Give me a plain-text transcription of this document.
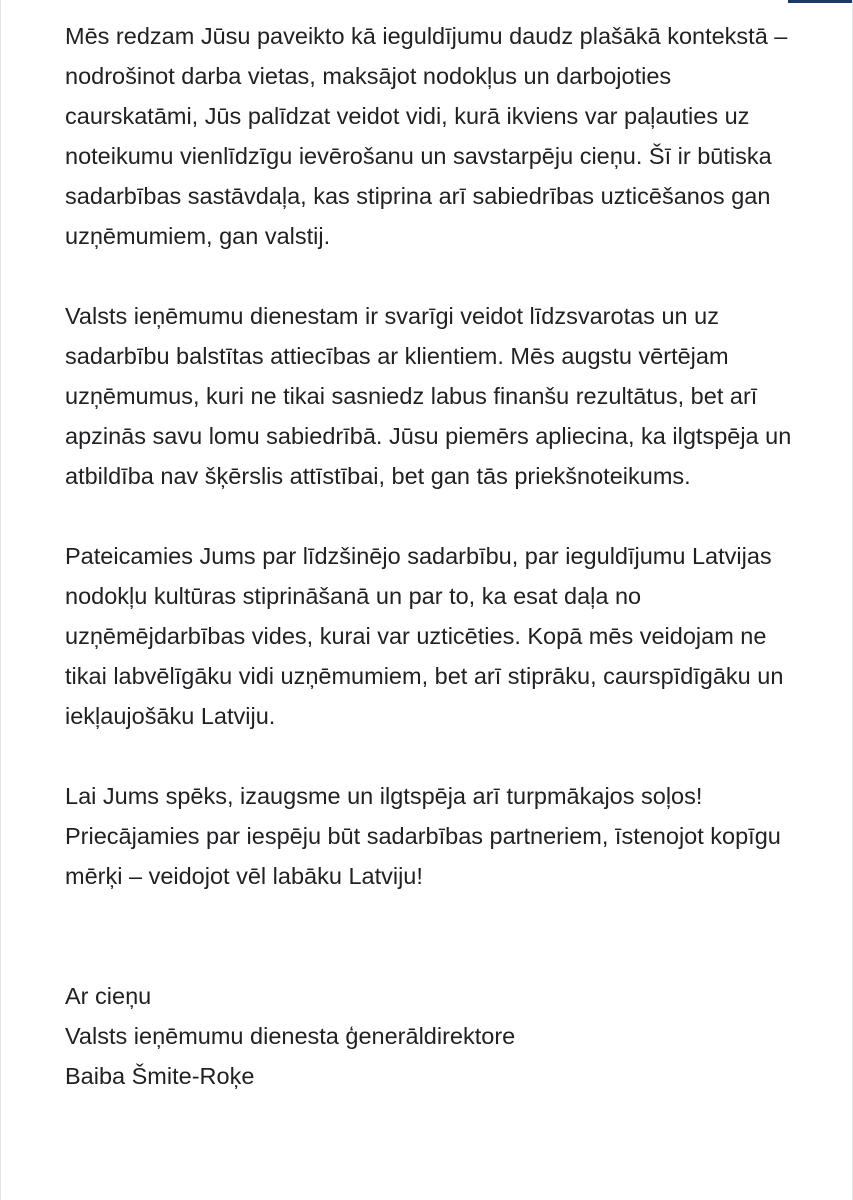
Mēs redzam Jūsu paveikto kā ieguldījumu daudz plašākā kontekstā – nodrošinot darba vietas, maksājot nodokļus un darbojoties caurskatāmi, Jūs palīdzat veidot vidi, kurā ikviens var paļauties uz noteikumu vienlīdzīgu ievērošanu un savstarpēju cieņu. Šī ir būtiska sadarbības sastāvdaļa, kas stiprina arī sabiedrības uzticēšanos gan uzņēmumiem, gan valstij.

Valsts ieņēmumu dienestam ir svarīgi veidot līdzsvarotas un uz sadarbību balstītas attiecības ar klientiem. Mēs augstu vērtējam uzņēmumus, kuri ne tikai sasniedz labus finanšu rezultātus, bet arī apzinās savu lomu sabiedrībā. Jūsu piemērs apliecina, ka ilgtspēja un atbildība nav šķērslis attīstībai, bet gan tās priekšnoteikums.

Pateicamies Jums par līdzšinējo sadarbību, par ieguldījumu Latvijas nodokļu kultūras stiprināšanā un par to, ka esat daļa no uzņēmējdarbības vides, kurai var uzticēties. Kopā mēs veidojam ne tikai labvēlīgāku vidi uzņēmumiem, bet arī stiprāku, caurspīdīgāku un iekļaujošāku Latviju.

Lai Jums spēks, izaugsme un ilgtspēja arī turpmākajos soļos! Priecājamies par iespēju būt sadarbības partneriem, īstenojot kopīgu mērķi – veidojot vēl labāku Latviju!

Ar cieņu
Valsts ieņēmumu dienesta ģenerāldirektore
Baiba Šmite-Roķe
